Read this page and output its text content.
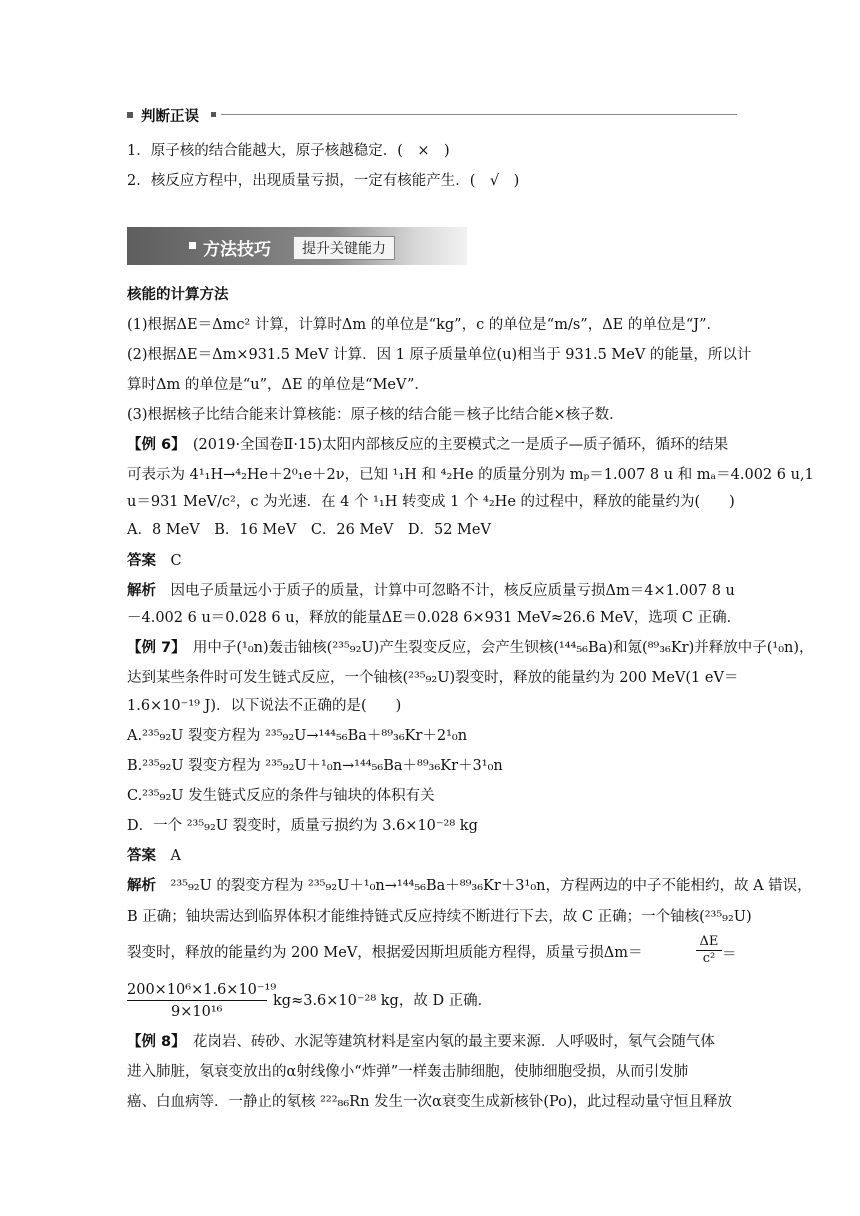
判断正误
1．原子核的结合能越大，原子核越稳定．(　×　)
2．核反应方程中，出现质量亏损，一定有核能产生．(　√　)
方法技巧	提升关键能力
核能的计算方法
(1)根据ΔE＝Δmc² 计算，计算时Δm 的单位是“kg”，c 的单位是“m/s”，ΔE 的单位是“J”．
(2)根据ΔE＝Δm×931.5 MeV 计算．因 1 原子质量单位(u)相当于 931.5 MeV 的能量，所以计
算时Δm 的单位是“u”，ΔE 的单位是“MeV”．
(3)根据核子比结合能来计算核能：原子核的结合能＝核子比结合能×核子数．
【例 6】　(2019·全国卷Ⅱ·15)太阳内部核反应的主要模式之一是质子—质子循环，循环的结果
可表示为 4¹₁H→⁴₂He＋2⁰₁e＋2ν，已知 ¹₁H 和 ⁴₂He 的质量分别为 mₚ＝1.007 8 u 和 mₐ＝4.002 6 u,1
u＝931 MeV/c²，c 为光速．在 4 个 ¹₁H 转变成 1 个 ⁴₂He 的过程中，释放的能量约为(　　)
A．8 MeV　B．16 MeV　C．26 MeV　D．52 MeV
答案　 C
解析　因电子质量远小于质子的质量，计算中可忽略不计，核反应质量亏损Δm＝4×1.007 8 u
－4.002 6 u＝0.028 6 u，释放的能量ΔE＝0.028 6×931 MeV≈26.6 MeV，选项 C 正确．
【例 7】　用中子(¹₀n)轰击铀核(²³⁵₉₂U)产生裂变反应，会产生钡核(¹⁴⁴₅₆Ba)和氪(⁸⁹₃₆Kr)并释放中子(¹₀n)，
达到某些条件时可发生链式反应，一个铀核(²³⁵₉₂U)裂变时，释放的能量约为 200 MeV(1 eV＝
1.6×10⁻¹⁹ J)．以下说法不正确的是(　　)
A.²³⁵₉₂U 裂变方程为 ²³⁵₉₂U→¹⁴⁴₅₆Ba＋⁸⁹₃₆Kr＋2¹₀n
B.²³⁵₉₂U 裂变方程为 ²³⁵₉₂U＋¹₀n→¹⁴⁴₅₆Ba＋⁸⁹₃₆Kr＋3¹₀n
C.²³⁵₉₂U 发生链式反应的条件与铀块的体积有关
D．一个 ²³⁵₉₂U 裂变时，质量亏损约为 3.6×10⁻²⁸ kg
答案　 A
解析　²³⁵₉₂U 的裂变方程为 ²³⁵₉₂U＋¹₀n→¹⁴⁴₅₆Ba＋⁸⁹₃₆Kr＋3¹₀n，方程两边的中子不能相约，故 A 错误，
B 正确；铀块需达到临界体积才能维持链式反应持续不断进行下去，故 C 正确；一个铀核(²³⁵₉₂U)
裂变时，释放的能量约为 200 MeV，根据爱因斯坦质能方程得，质量亏损Δm＝	$\frac{\Delta E}{\text{c²}}$ ＝
200×10⁶×1.6×10⁻¹⁹
9×10¹⁶
kg≈3.6×10⁻²⁸ kg，故 D 正确．
【例 8】　花岗岩、砖砂、水泥等建筑材料是室内氡的最主要来源．人呼吸时，氡气会随气体
进入肺脏，氡衰变放出的α射线像小“炸弹”一样轰击肺细胞，使肺细胞受损，从而引发肺
癌、白血病等．一静止的氡核 ²²²₈₆Rn 发生一次α衰变生成新核钋(Po)，此过程动量守恒且释放
